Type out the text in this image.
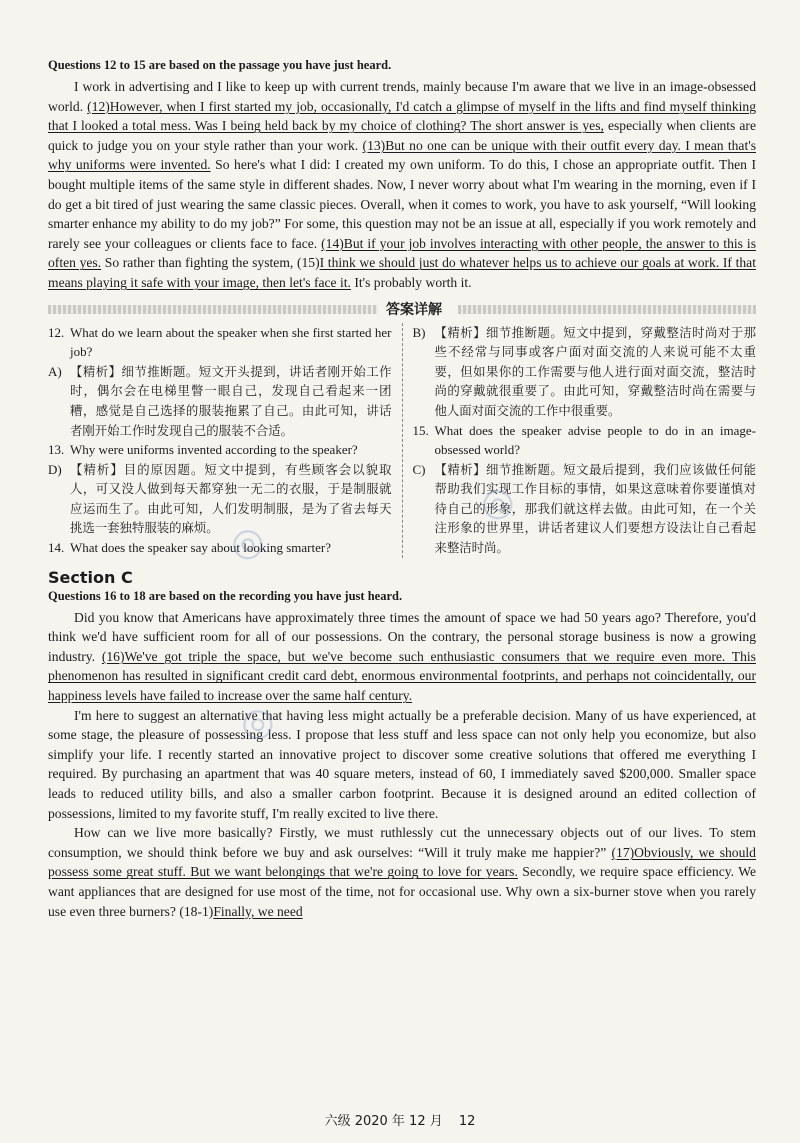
Questions 12 to 15 are based on the passage you have just heard.

I work in advertising and I like to keep up with current trends, mainly because I'm aware that we live in an image-obsessed world. (12)However, when I first started my job, occasionally, I'd catch a glimpse of myself in the lifts and find myself thinking that I looked a total mess. Was I being held back by my choice of clothing? The short answer is yes, especially when clients are quick to judge you on your style rather than your work. (13)But no one can be unique with their outfit every day. I mean that's why uniforms were invented. So here's what I did: I created my own uniform. To do this, I chose an appropriate outfit. Then I bought multiple items of the same style in different shades. Now, I never worry about what I'm wearing in the morning, even if I do get a bit tired of just wearing the same classic pieces. Overall, when it comes to work, you have to ask yourself, “Will looking smarter enhance my ability to do my job?” For some, this question may not be an issue at all, especially if you work remotely and rarely see your colleagues or clients face to face. (14)But if your job involves interacting with other people, the answer to this is often yes. So rather than fighting the system, (15)I think we should just do whatever helps us to achieve our goals at work. If that means playing it safe with your image, then let's face it. It's probably worth it.

答案详解
12. What do we learn about the speaker when she first started her job?
A) 【精析】细节推断题。短文开头提到，讲话者刚开始工作时，偶尔会在电梯里瞥一眼自己，发现自己看起来一团糟，感觉是自己选择的服装拖累了自己。由此可知，讲话者刚开始工作时发现自己的服装不合适。
13. Why were uniforms invented according to the speaker?
D) 【精析】目的原因题。短文中提到，有些顾客会以貌取人，可又没人做到每天都穿独一无二的衣服，于是制服就应运而生了。由此可知，人们发明制服，是为了省去每天挑选一套独特服装的麻烦。
14. What does the speaker say about looking smarter?
B) 【精析】细节推断题。短文中提到，穿戴整洁时尚对于那些不经常与同事或客户面对面交流的人来说可能不太重要，但如果你的工作需要与他人进行面对面交流，整洁时尚的穿戴就很重要了。由此可知，穿戴整洁时尚在需要与他人面对面交流的工作中很重要。
15. What does the speaker advise people to do in an image-obsessed world?
C) 【精析】细节推断题。短文最后提到，我们应该做任何能帮助我们实现工作目标的事情，如果这意味着你要谨慎对待自己的形象，那我们就这样去做。由此可知，在一个关注形象的世界里，讲话者建议人们要想方设法让自己看起来整洁时尚。
Section C
Questions 16 to 18 are based on the recording you have just heard.

Did you know that Americans have approximately three times the amount of space we had 50 years ago? Therefore, you'd think we'd have sufficient room for all of our possessions. On the contrary, the personal storage business is now a growing industry. (16)We've got triple the space, but we've become such enthusiastic consumers that we require even more. This phenomenon has resulted in significant credit card debt, enormous environmental footprints, and perhaps not coincidentally, our happiness levels have failed to increase over the same half century.

I'm here to suggest an alternative that having less might actually be a preferable decision. Many of us have experienced, at some stage, the pleasure of possessing less. I propose that less stuff and less space can not only help you economize, but also simplify your life. I recently started an innovative project to discover some creative solutions that offered me everything I required. By purchasing an apartment that was 40 square meters, instead of 60, I immediately saved $200,000. Smaller space leads to reduced utility bills, and also a smaller carbon footprint. Because it is designed around an edited collection of possessions, limited to my favorite stuff, I'm really excited to live there.

How can we live more basically? Firstly, we must ruthlessly cut the unnecessary objects out of our lives. To stem consumption, we should think before we buy and ask ourselves: “Will it truly make me happier?” (17)Obviously, we should possess some great stuff. But we want belongings that we're going to love for years. Secondly, we require space efficiency. We want appliances that are designed for use most of the time, not for occasional use. Why own a six-burner stove when you rarely use even three burners? (18-1)Finally, we need

◎
◎
◎
六级 2020 年 12 月 12
